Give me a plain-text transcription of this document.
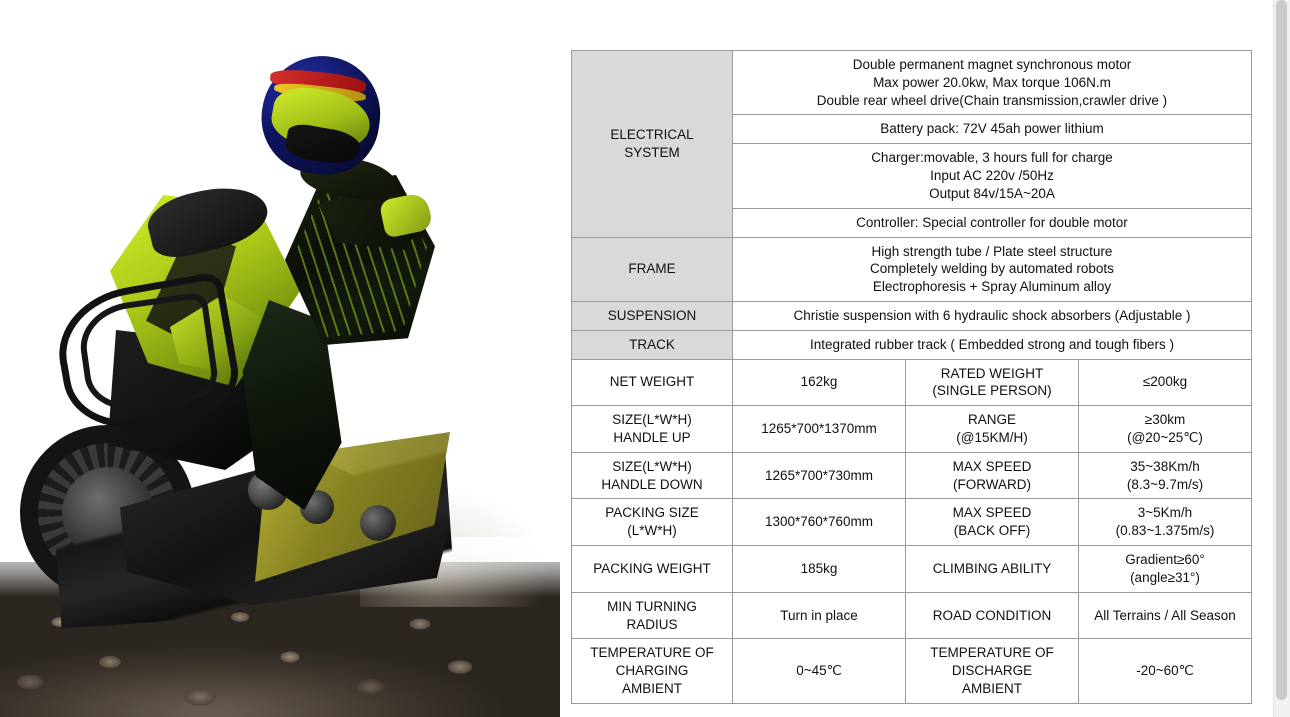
ELECTRICAL
SYSTEM	Double permanent magnet synchronous motor
Max power 20.0kw, Max torque 106N.m
Double rear wheel drive(Chain transmission,crawler drive )		

	Battery pack: 72V 45ah power lithium		

	Charger:movable, 3 hours full for charge
Input AC 220v /50Hz
Output 84v/15A~20A		

	Controller: Special controller for double motor		

FRAME	High strength tube / Plate steel structure
Completely welding by automated robots
Electrophoresis + Spray Aluminum alloy		

SUSPENSION	Christie suspension with 6 hydraulic shock absorbers (Adjustable )		

TRACK	Integrated rubber track ( Embedded strong and tough fibers )		

NET WEIGHT	162kg	RATED WEIGHT
(SINGLE PERSON)	≤200kg

SIZE(L*W*H)
HANDLE UP	1265*700*1370mm	RANGE
(@15KM/H)	≥30km
(@20~25℃)

SIZE(L*W*H)
HANDLE DOWN	1265*700*730mm	MAX SPEED
(FORWARD)	35~38Km/h
(8.3~9.7m/s)

PACKING SIZE
(L*W*H)	1300*760*760mm	MAX SPEED
(BACK OFF)	3~5Km/h
(0.83~1.375m/s)

PACKING WEIGHT	185kg	CLIMBING ABILITY	Gradient≥60°
(angle≥31°)

MIN TURNING
RADIUS	Turn in place	ROAD CONDITION	All Terrains / All Season

TEMPERATURE OF
CHARGING
AMBIENT	0~45℃	TEMPERATURE OF
DISCHARGE
AMBIENT	-20~60℃
